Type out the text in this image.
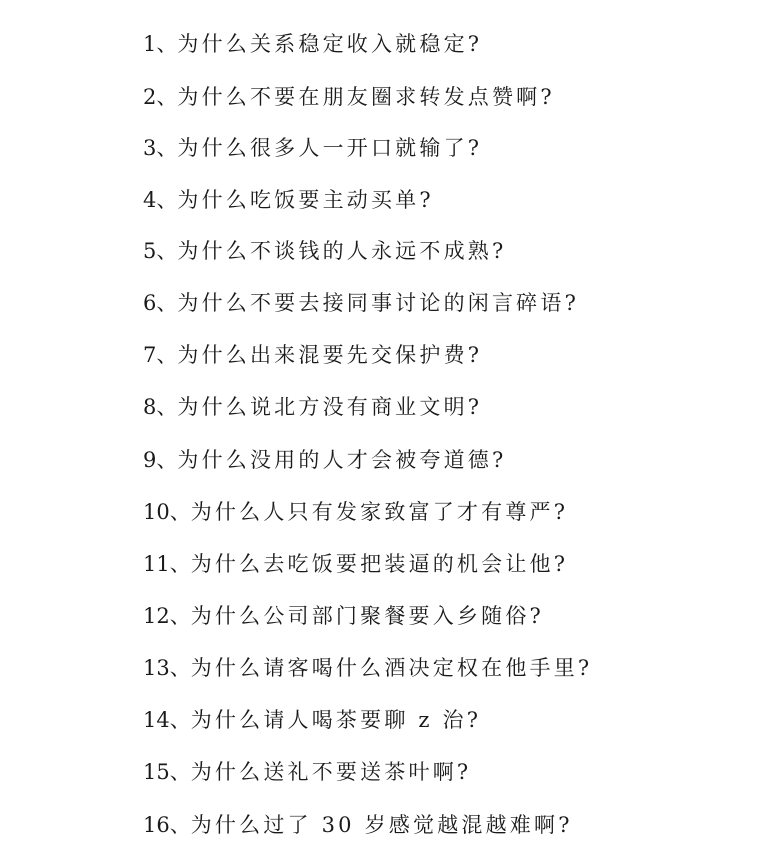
1、为什么关系稳定收入就稳定?
2、为什么不要在朋友圈求转发点赞啊?
3、为什么很多人一开口就输了?
4、为什么吃饭要主动买单?
5、为什么不谈钱的人永远不成熟?
6、为什么不要去接同事讨论的闲言碎语?
7、为什么出来混要先交保护费?
8、为什么说北方没有商业文明?
9、为什么没用的人才会被夸道德?
10、为什么人只有发家致富了才有尊严?
11、为什么去吃饭要把装逼的机会让他?
12、为什么公司部门聚餐要入乡随俗?
13、为什么请客喝什么酒决定权在他手里?
14、为什么请人喝茶要聊 z 治?
15、为什么送礼不要送茶叶啊?
16、为什么过了 30 岁感觉越混越难啊?
